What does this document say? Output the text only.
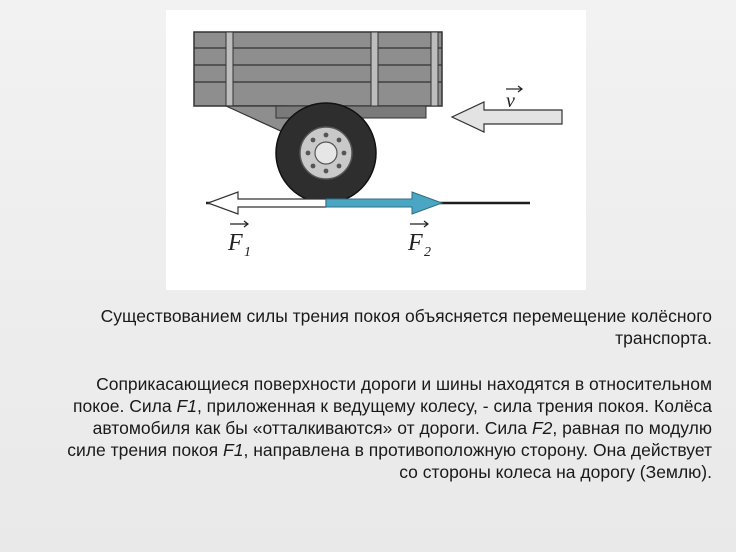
v
F 1	F 2
Существованием силы трения покоя объясняется перемещение колёсного транспорта.
Соприкасающиеся поверхности дороги и шины находятся в относительном покое. Сила F1, приложенная к ведущему колесу, - сила трения покоя. Колёса автомобиля как бы «отталкиваются» от дороги. Сила F2, равная по модулю силе трения покоя F1, направлена в противоположную сторону. Она действует со стороны колеса на дорогу (Землю).
